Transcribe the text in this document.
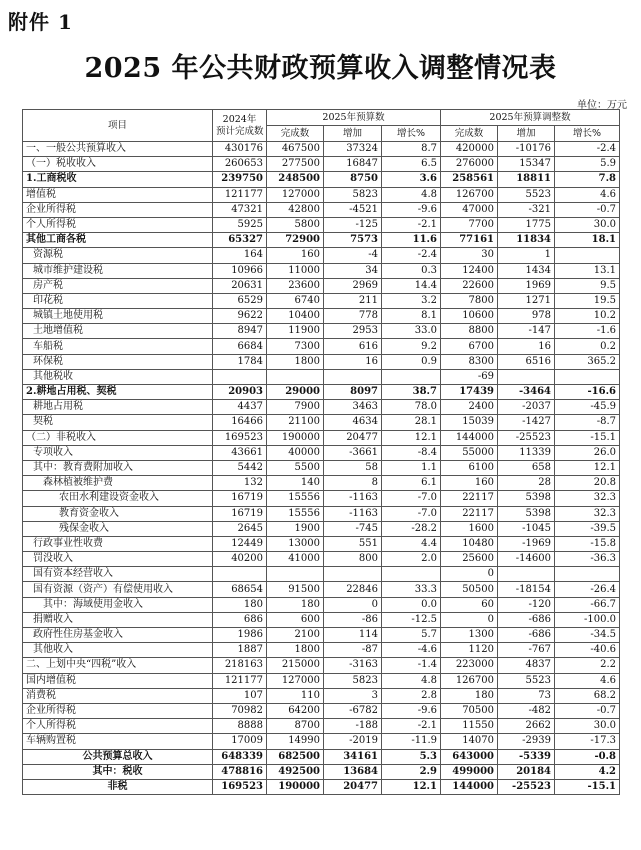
附件 1
2025 年公共财政预算收入调整情况表
单位：万元
项目	2024年
预计完成数	2025年预算数			2025年预算调整数		
		完成数	增加	增长%	完成数	增加	增长%
一、一般公共预算收入	430176	467500	37324	8.7	420000	-10176	-2.4
（一）税收收入	260653	277500	16847	6.5	276000	15347	5.9
1.工商税收	239750	248500	8750	3.6	258561	18811	7.8
增值税	121177	127000	5823	4.8	126700	5523	4.6
企业所得税	47321	42800	-4521	-9.6	47000	-321	-0.7
个人所得税	5925	5800	-125	-2.1	7700	1775	30.0
其他工商各税	65327	72900	7573	11.6	77161	11834	18.1
资源税	164	160	-4	-2.4	30	1	
城市维护建设税	10966	11000	34	0.3	12400	1434	13.1
房产税	20631	23600	2969	14.4	22600	1969	9.5
印花税	6529	6740	211	3.2	7800	1271	19.5
城镇土地使用税	9622	10400	778	8.1	10600	978	10.2
土地增值税	8947	11900	2953	33.0	8800	-147	-1.6
车船税	6684	7300	616	9.2	6700	16	0.2
环保税	1784	1800	16	0.9	8300	6516	365.2
其他税收					-69		
2.耕地占用税、契税	20903	29000	8097	38.7	17439	-3464	-16.6
耕地占用税	4437	7900	3463	78.0	2400	-2037	-45.9
契税	16466	21100	4634	28.1	15039	-1427	-8.7
（二）非税收入	169523	190000	20477	12.1	144000	-25523	-15.1
专项收入	43661	40000	-3661	-8.4	55000	11339	26.0
其中：教育费附加收入	5442	5500	58	1.1	6100	658	12.1
森林植被维护费	132	140	8	6.1	160	28	20.8
农田水利建设资金收入	16719	15556	-1163	-7.0	22117	5398	32.3
教育资金收入	16719	15556	-1163	-7.0	22117	5398	32.3
残保金收入	2645	1900	-745	-28.2	1600	-1045	-39.5
行政事业性收费	12449	13000	551	4.4	10480	-1969	-15.8
罚没收入	40200	41000	800	2.0	25600	-14600	-36.3
国有资本经营收入					0		
国有资源（资产）有偿使用收入	68654	91500	22846	33.3	50500	-18154	-26.4
其中：海域使用金收入	180	180	0	0.0	60	-120	-66.7
捐赠收入	686	600	-86	-12.5	0	-686	-100.0
政府性住房基金收入	1986	2100	114	5.7	1300	-686	-34.5
其他收入	1887	1800	-87	-4.6	1120	-767	-40.6
二、上划中央“四税”收入	218163	215000	-3163	-1.4	223000	4837	2.2
国内增值税	121177	127000	5823	4.8	126700	5523	4.6
消费税	107	110	3	2.8	180	73	68.2
企业所得税	70982	64200	-6782	-9.6	70500	-482	-0.7
个人所得税	8888	8700	-188	-2.1	11550	2662	30.0
车辆购置税	17009	14990	-2019	-11.9	14070	-2939	-17.3
公共预算总收入	648339	682500	34161	5.3	643000	-5339	-0.8
其中：税收	478816	492500	13684	2.9	499000	20184	4.2
非税	169523	190000	20477	12.1	144000	-25523	-15.1
